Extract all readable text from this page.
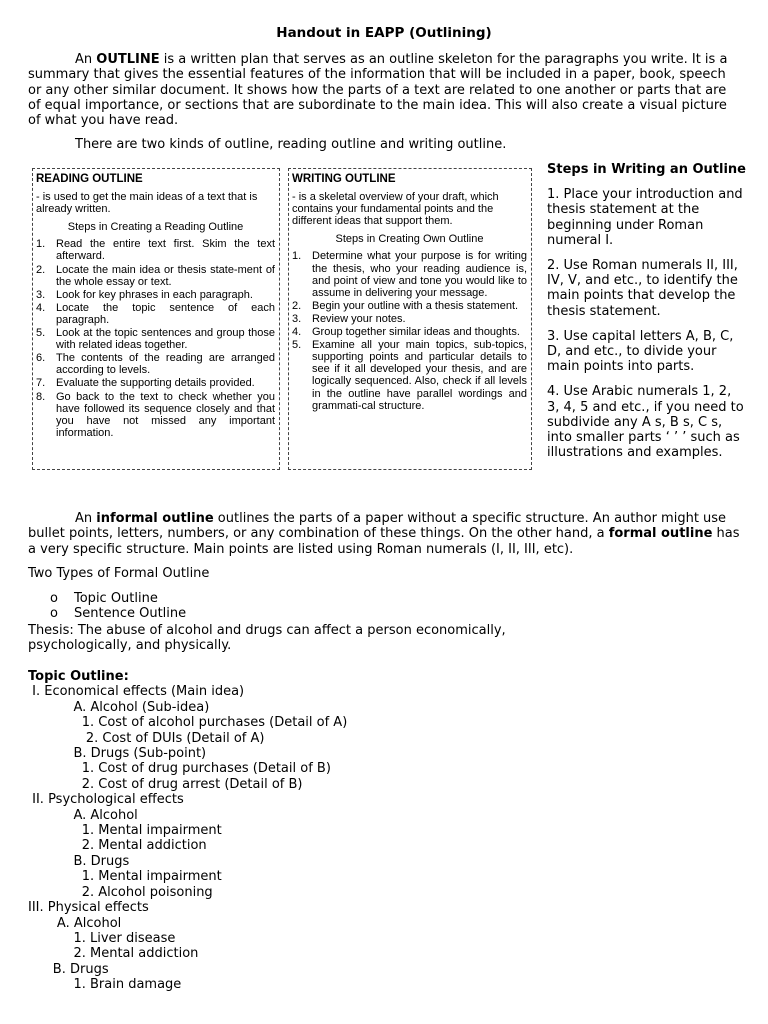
Handout in EAPP (Outlining)

An OUTLINE is a written plan that serves as an outline skeleton for the paragraphs you write. It is a summary that gives the essential features of the information that will be included in a paper, book, speech or any other similar document. It shows how the parts of a text are related to one another or parts that are of equal importance, or sections that are subordinate to the main idea. This will also create a visual picture of what you have read.

There are two kinds of outline, reading outline and writing outline.

READING OUTLINE
- is used to get the main ideas of a text that is already written.
Steps in Creating a Reading Outline
1. Read the entire text first. Skim the text afterward.
2. Locate the main idea or thesis state-ment of the whole essay or text.
3. Look for key phrases in each paragraph.
4. Locate the topic sentence of each paragraph.
5. Look at the topic sentences and group those with related ideas together.
6. The contents of the reading are arranged according to levels.
7. Evaluate the supporting details provided.
8. Go back to the text to check whether you have followed its sequence closely and that you have not missed any important information.
WRITING OUTLINE
- is a skeletal overview of your draft, which contains your fundamental points and the different ideas that support them.
Steps in Creating Own Outline
1. Determine what your purpose is for writing the thesis, who your reading audience is, and point of view and tone you would like to assume in delivering your message.
2. Begin your outline with a thesis statement.
3. Review your notes.
4. Group together similar ideas and thoughts.
5. Examine all your main topics, sub-topics, supporting points and particular details to see if it all developed your thesis, and are logically sequenced. Also, check if all levels in the outline have parallel wordings and grammati-cal structure.
Steps in Writing an Outline

1. Place your introduction and thesis statement at the beginning under Roman numeral I.

2. Use Roman numerals II, III, IV, V, and etc., to identify the main points that develop the thesis statement.

3. Use capital letters A, B, C, D, and etc., to divide your main points into parts.

4. Use Arabic numerals 1, 2, 3, 4, 5 and etc., if you need to subdivide any A s, B s, C s, into smaller parts ‘ ’ ’ such as illustrations and examples.

An informal outline outlines the parts of a paper without a specific structure. An author might use bullet points, letters, numbers, or any combination of these things. On the other hand, a formal outline has a very specific structure. Main points are listed using Roman numerals (I, II, III, etc).

Two Types of Formal Outline
o	Topic Outline
o	Sentence Outline

Thesis: The abuse of alcohol and drugs can affect a person economically, psychologically, and physically.

Topic Outline:
I. Economical effects (Main idea)
A. Alcohol (Sub-idea)
1. Cost of alcohol purchases (Detail of A)
2. Cost of DUIs (Detail of A)
B. Drugs (Sub-point)
1. Cost of drug purchases (Detail of B)
2. Cost of drug arrest (Detail of B)
II. Psychological effects
A. Alcohol
1. Mental impairment
2. Mental addiction
B. Drugs
1. Mental impairment
2. Alcohol poisoning
III. Physical effects
A. Alcohol
1. Liver disease
2. Mental addiction
B. Drugs
1. Brain damage
